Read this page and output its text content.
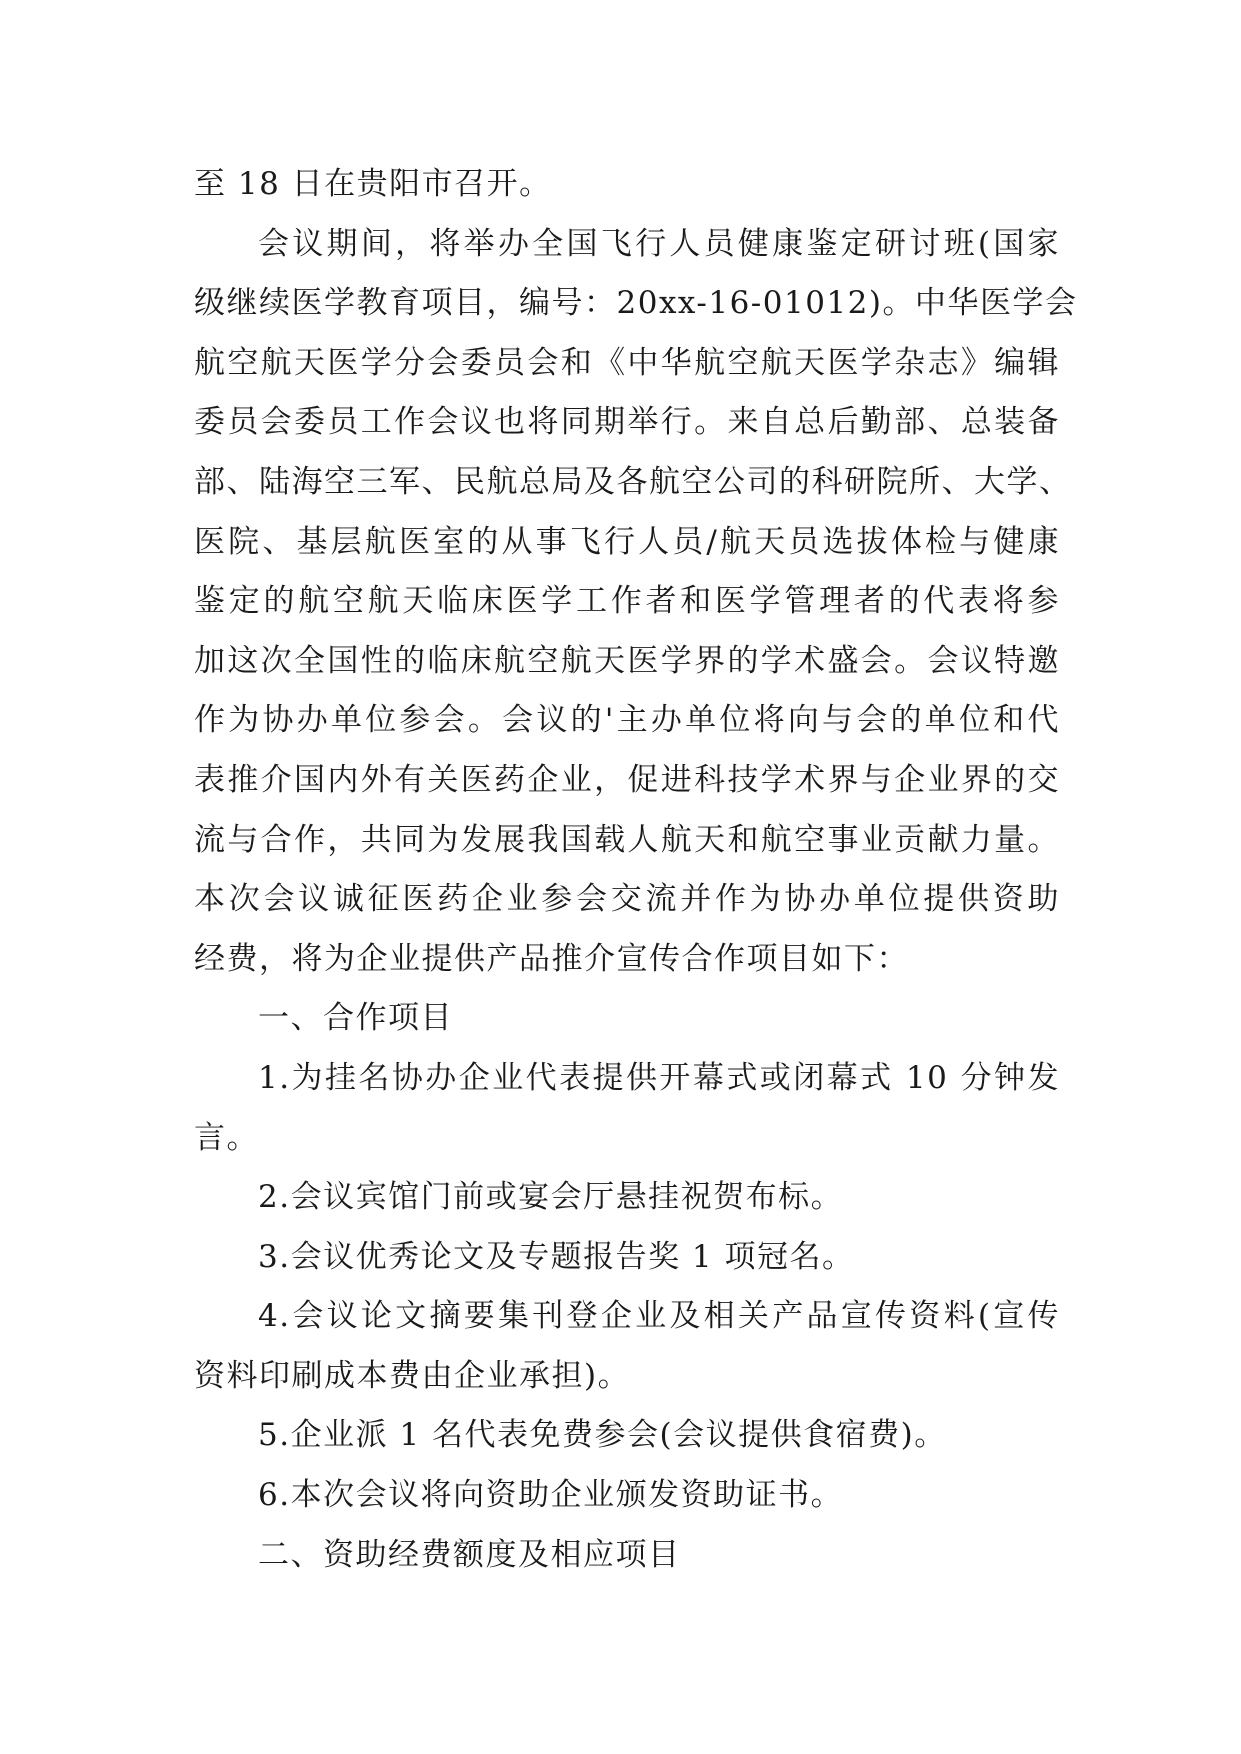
至 18 日在贵阳市召开。
会议期间，将举办全国飞行人员健康鉴定研讨班(国家
级继续医学教育项目，编号：20xx-16-01012)。中华医学会
航空航天医学分会委员会和《中华航空航天医学杂志》编辑
委员会委员工作会议也将同期举行。来自总后勤部、总装备
部、陆海空三军、民航总局及各航空公司的科研院所、大学、
医院、基层航医室的从事飞行人员/航天员选拔体检与健康
鉴定的航空航天临床医学工作者和医学管理者的代表将参
加这次全国性的临床航空航天医学界的学术盛会。会议特邀
作为协办单位参会。会议的'主办单位将向与会的单位和代
表推介国内外有关医药企业，促进科技学术界与企业界的交
流与合作，共同为发展我国载人航天和航空事业贡献力量。
本次会议诚征医药企业参会交流并作为协办单位提供资助
经费，将为企业提供产品推介宣传合作项目如下：
一、合作项目
1.为挂名协办企业代表提供开幕式或闭幕式 10 分钟发
言。
2.会议宾馆门前或宴会厅悬挂祝贺布标。
3.会议优秀论文及专题报告奖 1 项冠名。
4.会议论文摘要集刊登企业及相关产品宣传资料(宣传
资料印刷成本费由企业承担)。
5.企业派 1 名代表免费参会(会议提供食宿费)。
6.本次会议将向资助企业颁发资助证书。
二、资助经费额度及相应项目
